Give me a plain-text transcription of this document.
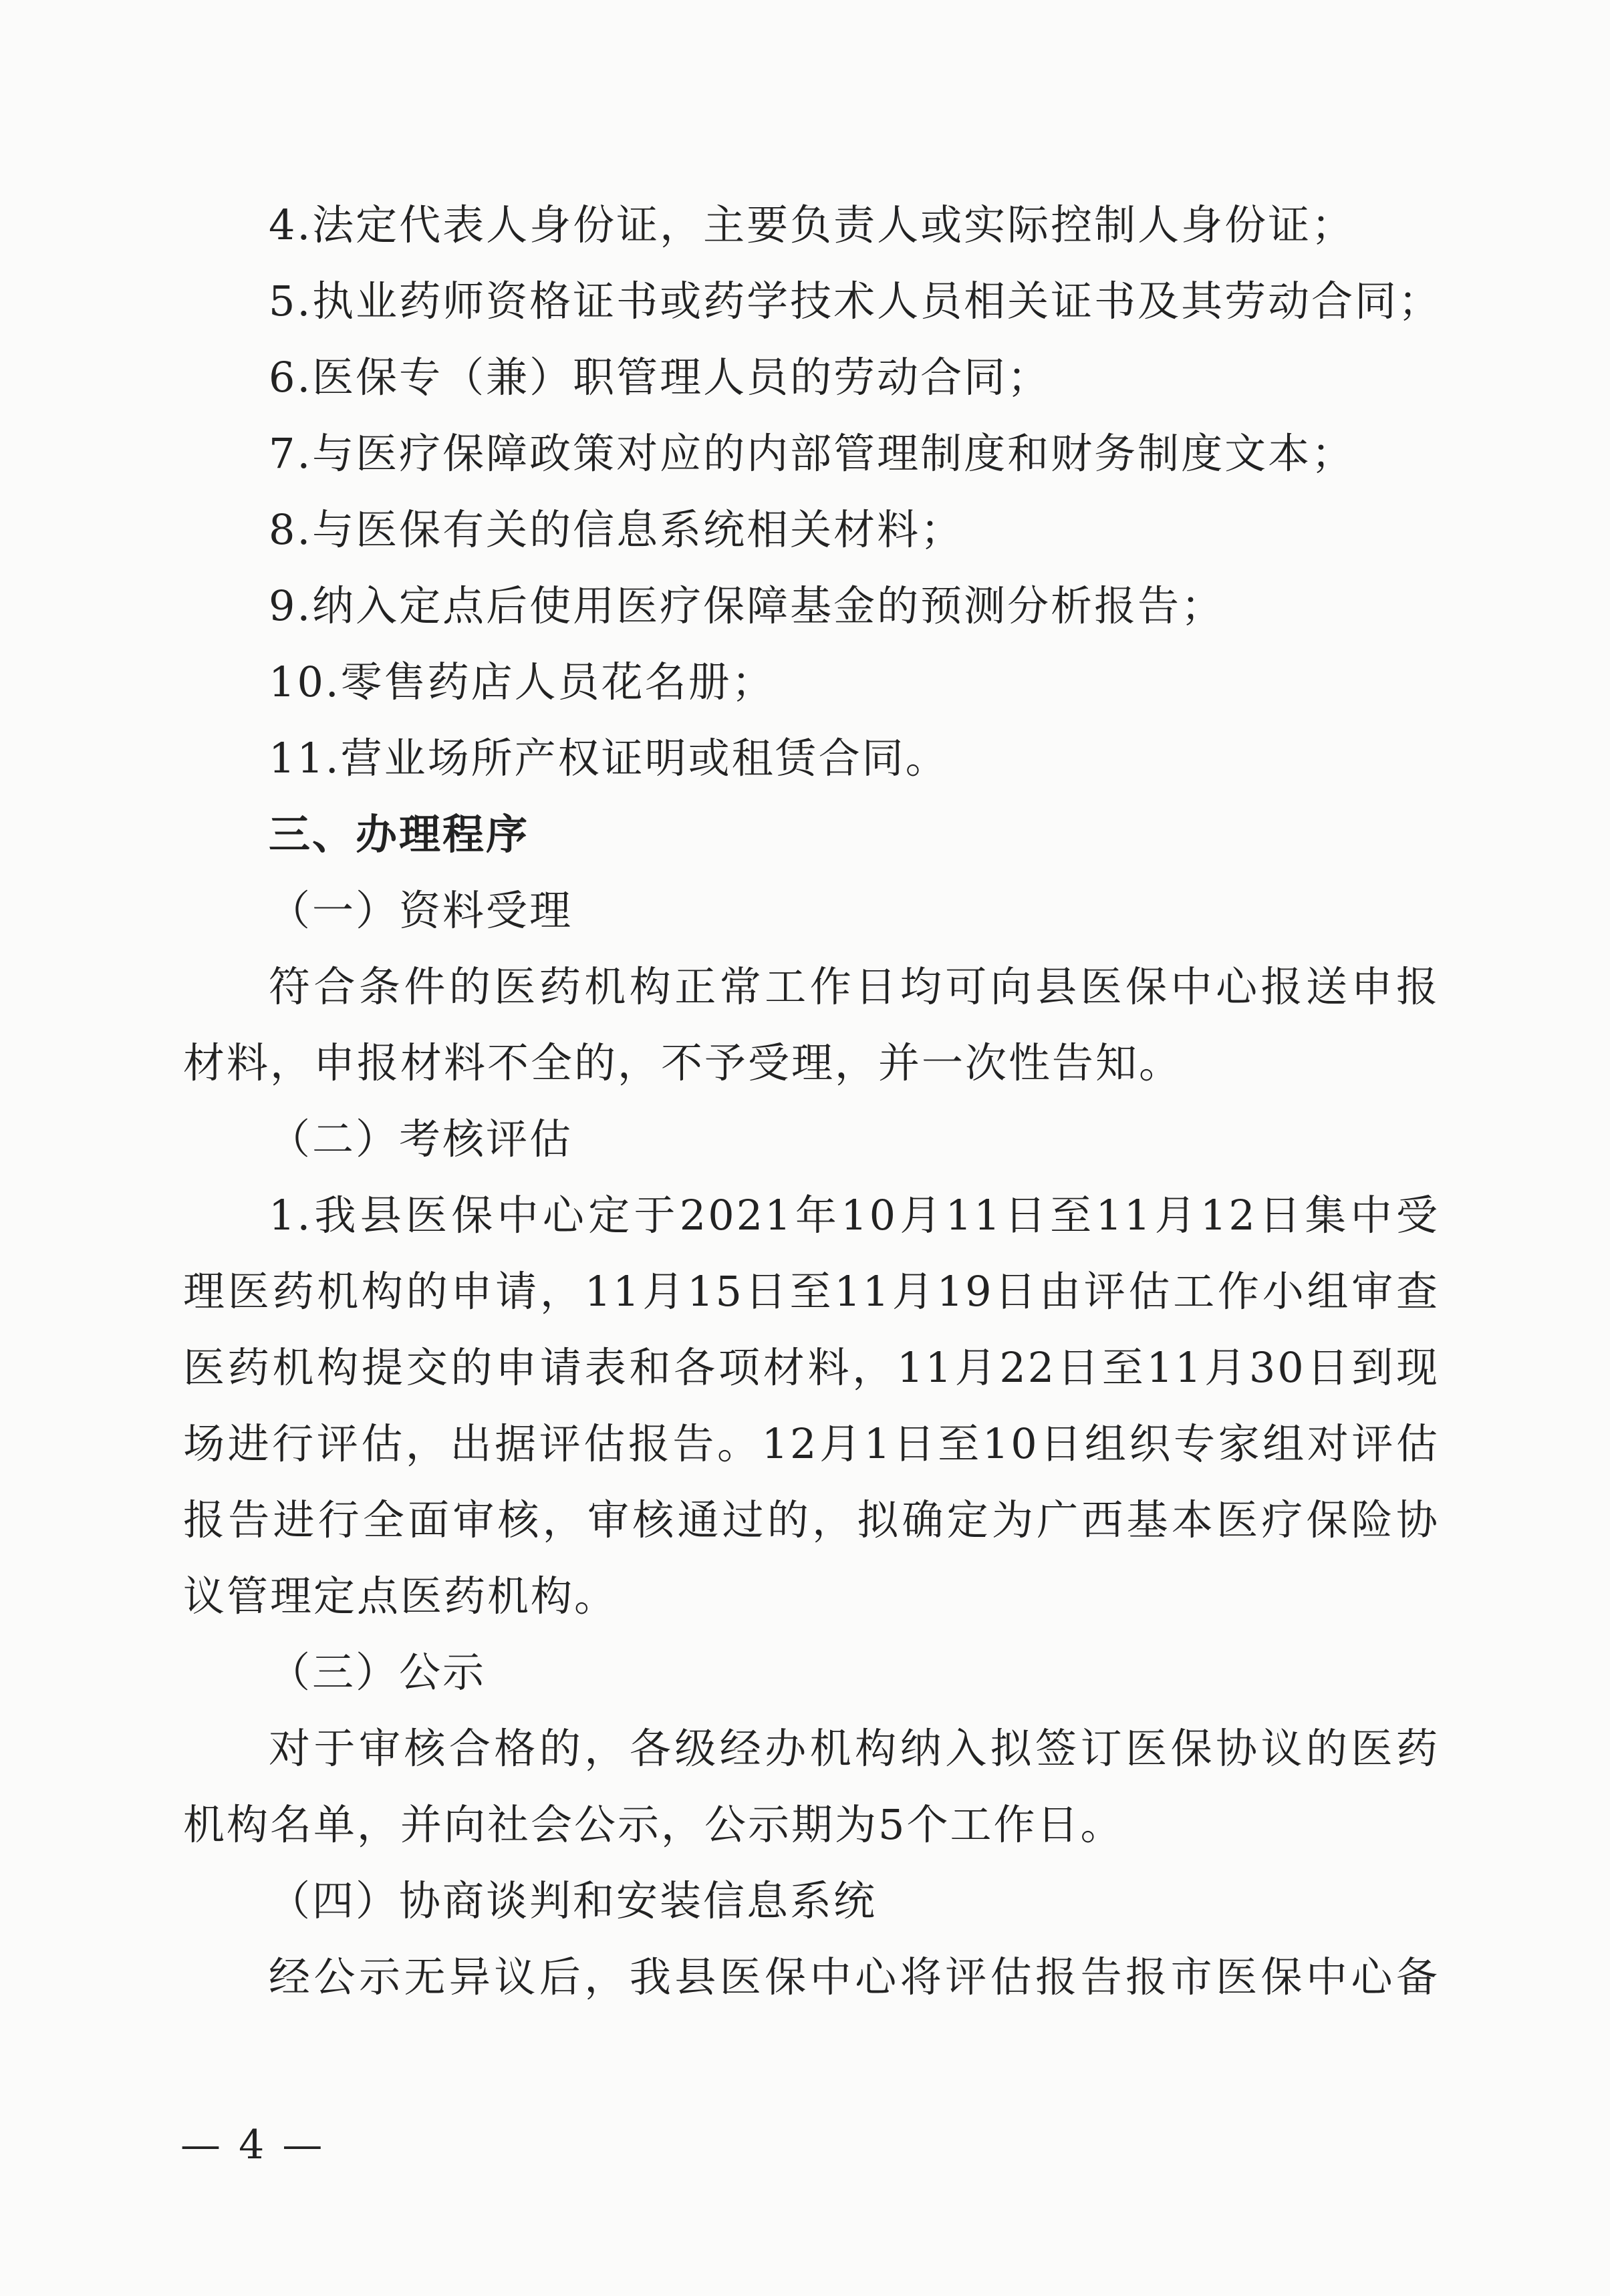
4.法定代表人身份证，主要负责人或实际控制人身份证；
5.执业药师资格证书或药学技术人员相关证书及其劳动合同；
6.医保专（兼）职管理人员的劳动合同；
7.与医疗保障政策对应的内部管理制度和财务制度文本；
8.与医保有关的信息系统相关材料；
9.纳入定点后使用医疗保障基金的预测分析报告；
10.零售药店人员花名册；
11.营业场所产权证明或租赁合同。
三、办理程序
（一）资料受理
符合条件的医药机构正常工作日均可向县医保中心报送申报
材料，申报材料不全的，不予受理，并一次性告知。
（二）考核评估
1.我县医保中心定于2021年10月11日至11月12日集中受
理医药机构的申请，11月15日至11月19日由评估工作小组审查
医药机构提交的申请表和各项材料，11月22日至11月30日到现
场进行评估，出据评估报告。12月1日至10日组织专家组对评估
报告进行全面审核，审核通过的，拟确定为广西基本医疗保险协
议管理定点医药机构。
（三）公示
对于审核合格的，各级经办机构纳入拟签订医保协议的医药
机构名单，并向社会公示，公示期为5个工作日。
（四）协商谈判和安装信息系统
经公示无异议后，我县医保中心将评估报告报市医保中心备
— 4 —
